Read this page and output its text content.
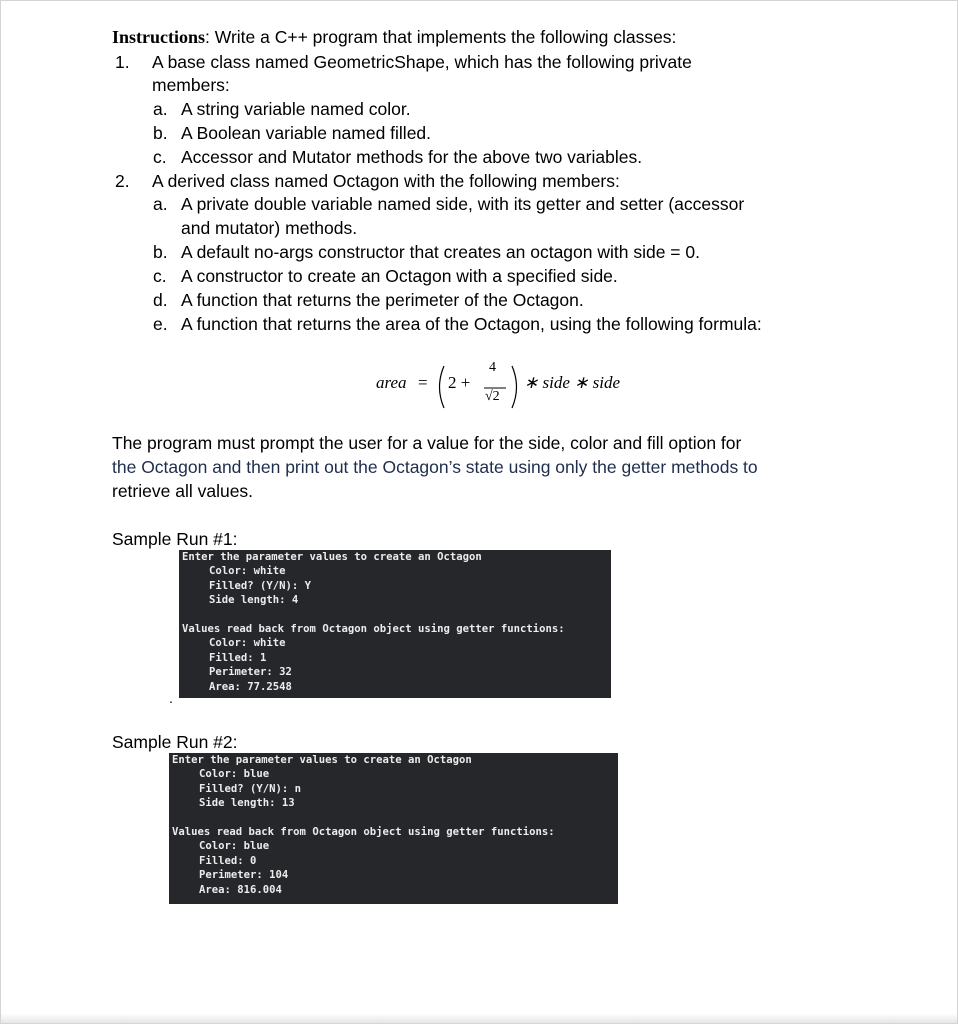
Instructions: Write a C++ program that implements the following classes:
1. A base class named GeometricShape, which has the following private
members:
a. A string variable named color.
b. A Boolean variable named filled.
c. Accessor and Mutator methods for the above two variables.
2. A derived class named Octagon with the following members:
a. A private double variable named side, with its getter and setter (accessor
and mutator) methods.
b. A default no-args constructor that creates an octagon with side = 0.
c. A constructor to create an Octagon with a specified side.
d. A function that returns the perimeter of the Octagon.
e. A function that returns the area of the Octagon, using the following formula:
area = 2 +
4
√2
∗ side ∗ side
The program must prompt the user for a value for the side, color and fill option for
the Octagon and then print out the Octagon’s state using only the getter methods to
retrieve all values.
Sample Run #1:
Enter the parameter values to create an Octagon
Color: white
Filled? (Y/N): Y
Side length: 4
Values read back from Octagon object using getter functions:
Color: white
Filled: 1
Perimeter: 32
Area: 77.2548
.
Sample Run #2:
Enter the parameter values to create an Octagon
Color: blue
Filled? (Y/N): n
Side length: 13
Values read back from Octagon object using getter functions:
Color: blue
Filled: 0
Perimeter: 104
Area: 816.004
